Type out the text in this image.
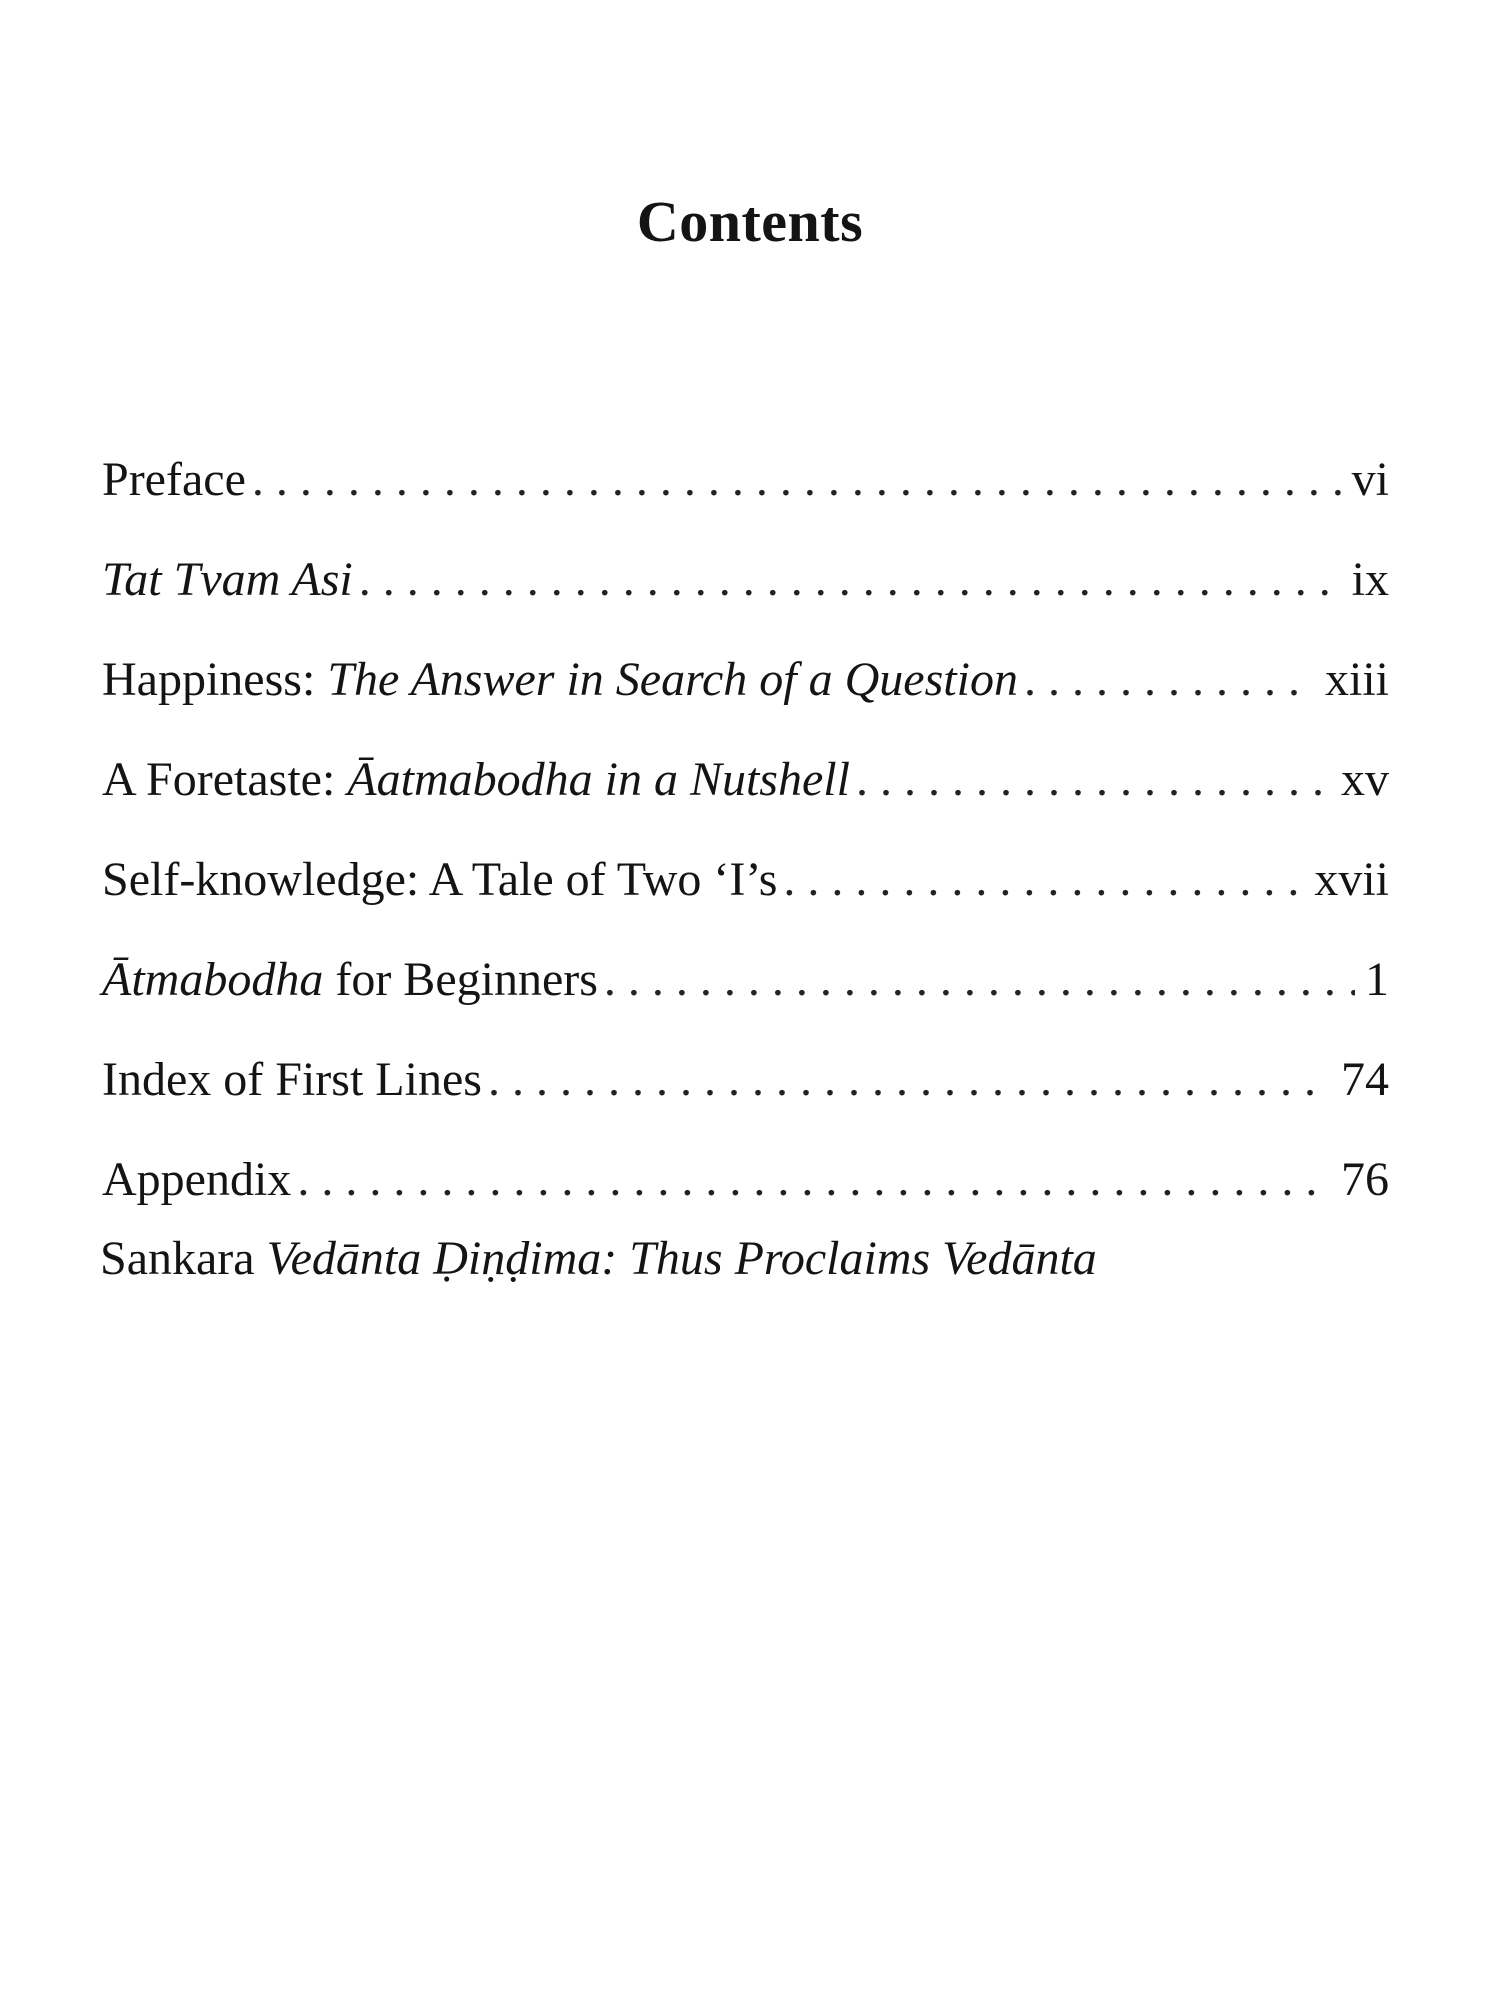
Contents
Preface . . .	vi
Tat Tvam Asi . . .	ix
Happiness: The Answer in Search of a Question . . .	xiii
A Foretaste: Āatmabodha in a Nutshell . . .	xv
Self-knowledge: A Tale of Two ‘I’s . . .	xvii
Ātmabodha for Beginners . . .	1
Index of First Lines . . .	74
Appendix . . .	76
Sankara Vedānta Ḍiṇḍima: Thus Proclaims Vedānta
